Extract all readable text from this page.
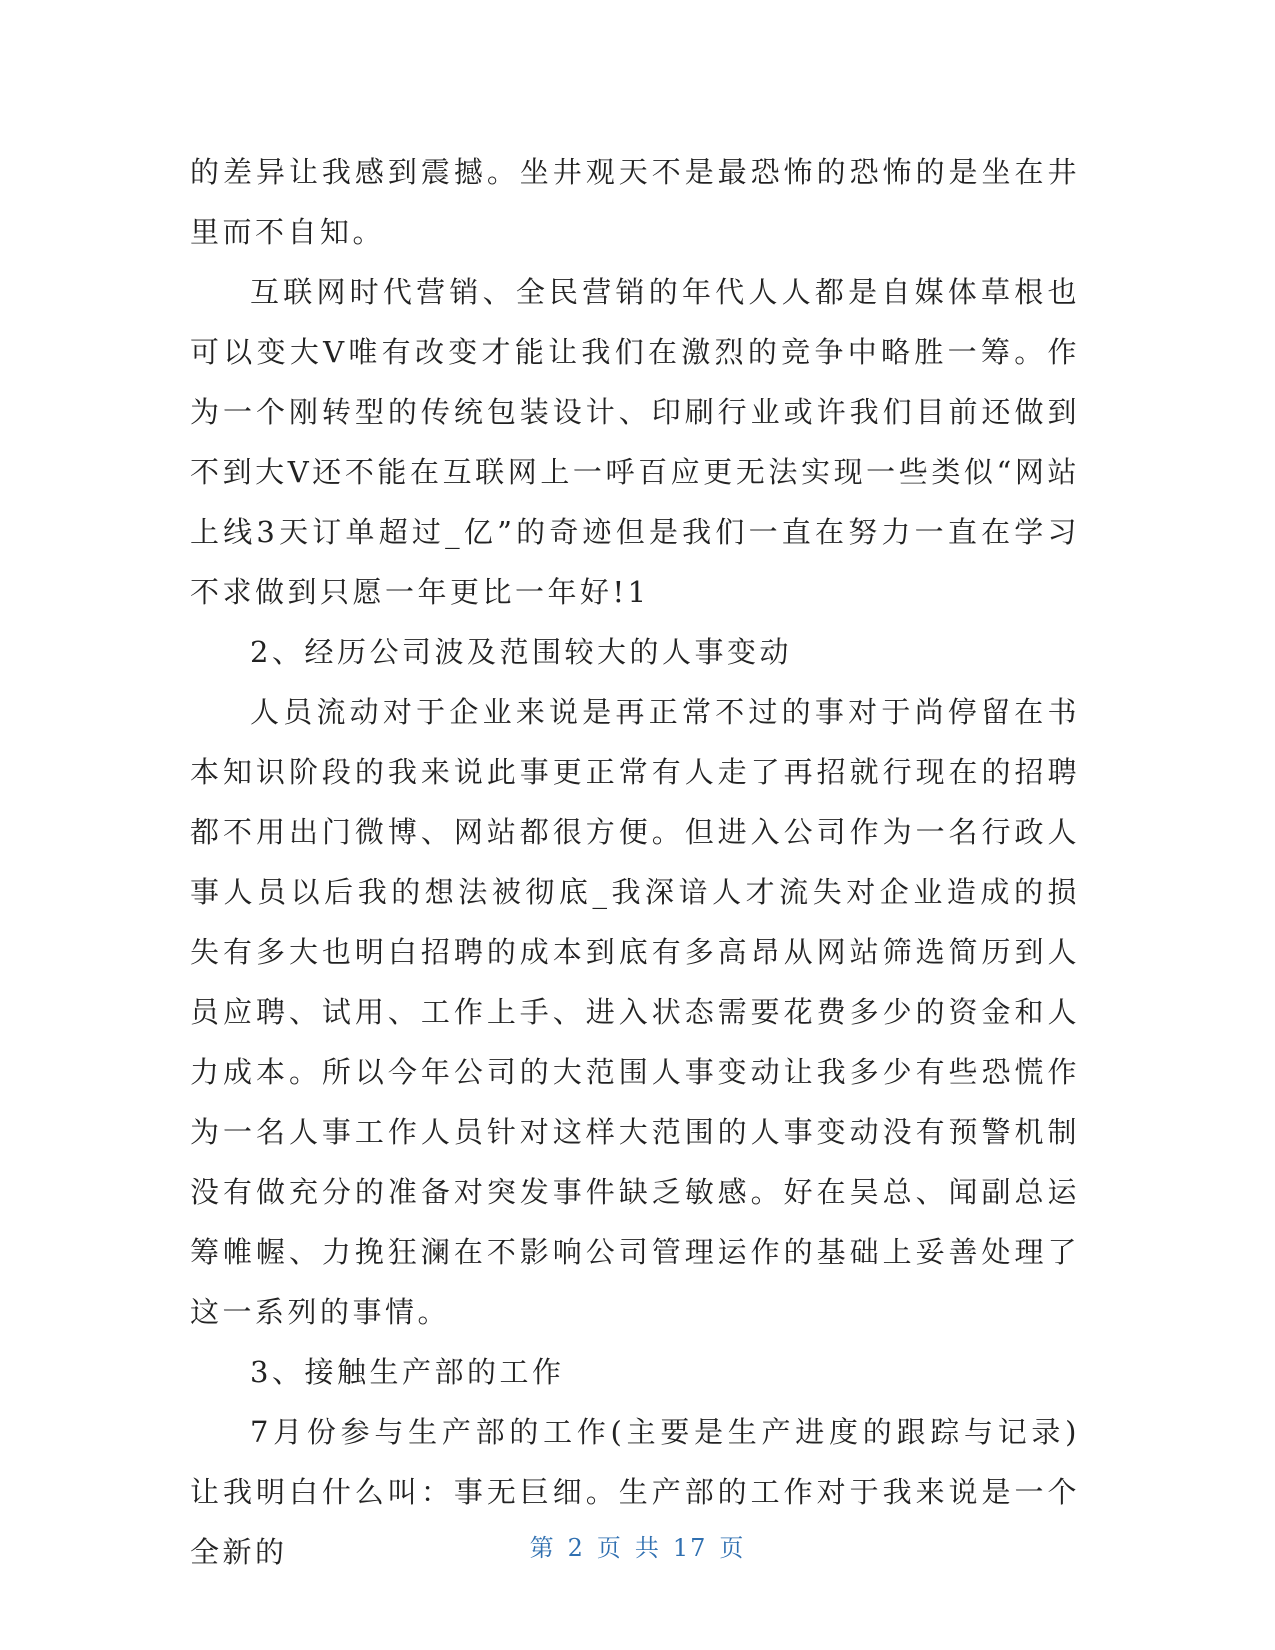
的差异让我感到震撼。坐井观天不是最恐怖的恐怖的是坐在井里而不自知。

互联网时代营销、全民营销的年代人人都是自媒体草根也可以变大V唯有改变才能让我们在激烈的竞争中略胜一筹。作为一个刚转型的传统包装设计、印刷行业或许我们目前还做到不到大V还不能在互联网上一呼百应更无法实现一些类似“网站上线3天订单超过_亿”的奇迹但是我们一直在努力一直在学习不求做到只愿一年更比一年好!1

2、经历公司波及范围较大的人事变动

人员流动对于企业来说是再正常不过的事对于尚停留在书本知识阶段的我来说此事更正常有人走了再招就行现在的招聘都不用出门微博、网站都很方便。但进入公司作为一名行政人事人员以后我的想法被彻底_我深谙人才流失对企业造成的损失有多大也明白招聘的成本到底有多高昂从网站筛选简历到人员应聘、试用、工作上手、进入状态需要花费多少的资金和人力成本。所以今年公司的大范围人事变动让我多少有些恐慌作为一名人事工作人员针对这样大范围的人事变动没有预警机制没有做充分的准备对突发事件缺乏敏感。好在吴总、闻副总运筹帷幄、力挽狂澜在不影响公司管理运作的基础上妥善处理了这一系列的事情。

3、接触生产部的工作

7月份参与生产部的工作(主要是生产进度的跟踪与记录)让我明白什么叫：事无巨细。生产部的工作对于我来说是一个全新的	第 2 页 共 17 页
